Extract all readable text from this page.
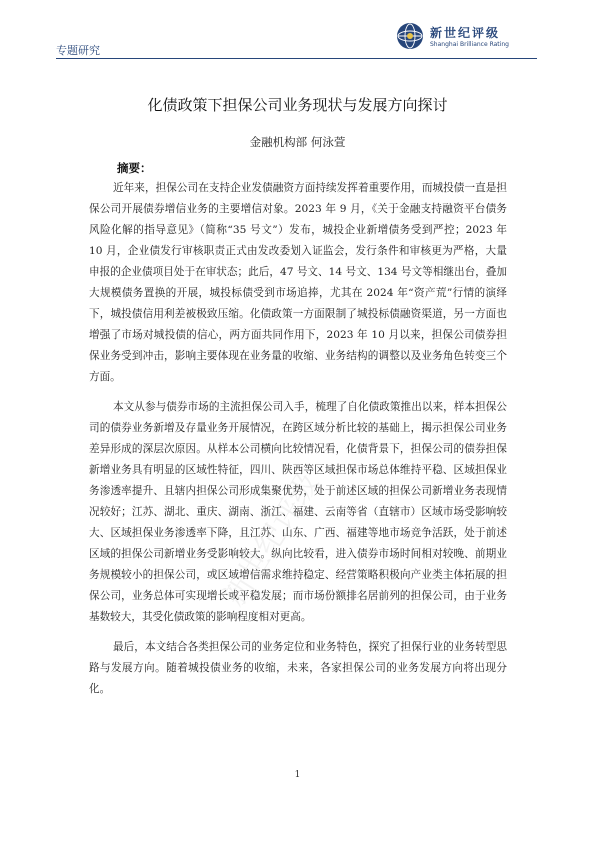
专题研究
新世纪评级
Shanghai Brilliance Rating
化债政策下担保公司业务现状与发展方向探讨
金融机构部 何泳萱
摘要：

近年来，担保公司在支持企业发债融资方面持续发挥着重要作用，而城投债一直是担保公司开展债券增信业务的主要增信对象。2023 年 9 月，《关于金融支持融资平台债务风险化解的指导意见》（简称“35 号文”）发布，城投企业新增债务受到严控；2023 年 10 月，企业债发行审核职责正式由发改委划入证监会，发行条件和审核更为严格，大量申报的企业债项目处于在审状态；此后，47 号文、14 号文、134 号文等相继出台，叠加大规模债务置换的开展，城投标债受到市场追捧，尤其在 2024 年“资产荒”行情的演绎下，城投债信用利差被极致压缩。化债政策一方面限制了城投标债融资渠道，另一方面也增强了市场对城投债的信心，两方面共同作用下，2023 年 10 月以来，担保公司债券担保业务受到冲击，影响主要体现在业务量的收缩、业务结构的调整以及业务角色转变三个方面。

本文从参与债券市场的主流担保公司入手，梳理了自化债政策推出以来，样本担保公司的债券业务新增及存量业务开展情况，在跨区域分析比较的基础上，揭示担保公司业务差异形成的深层次原因。从样本公司横向比较情况看，化债背景下，担保公司的债券担保新增业务具有明显的区域性特征，四川、陕西等区域担保市场总体维持平稳、区域担保业务渗透率提升、且辖内担保公司形成集聚优势，处于前述区域的担保公司新增业务表现情况较好；江苏、湖北、重庆、湖南、浙江、福建、云南等省（直辖市）区域市场受影响较大、区域担保业务渗透率下降，且江苏、山东、广西、福建等地市场竞争活跃，处于前述区域的担保公司新增业务受影响较大。纵向比较看，进入债券市场时间相对较晚、前期业务规模较小的担保公司，或区域增信需求维持稳定、经营策略积极向产业类主体拓展的担保公司，业务总体可实现增长或平稳发展；而市场份额排名居前列的担保公司，由于业务基数较大，其受化债政策的影响程度相对更高。

最后，本文结合各类担保公司的业务定位和业务特色，探究了担保行业的业务转型思路与发展方向。随着城投债业务的收缩，未来，各家担保公司的业务发展方向将出现分化。

新世纪评级
1
